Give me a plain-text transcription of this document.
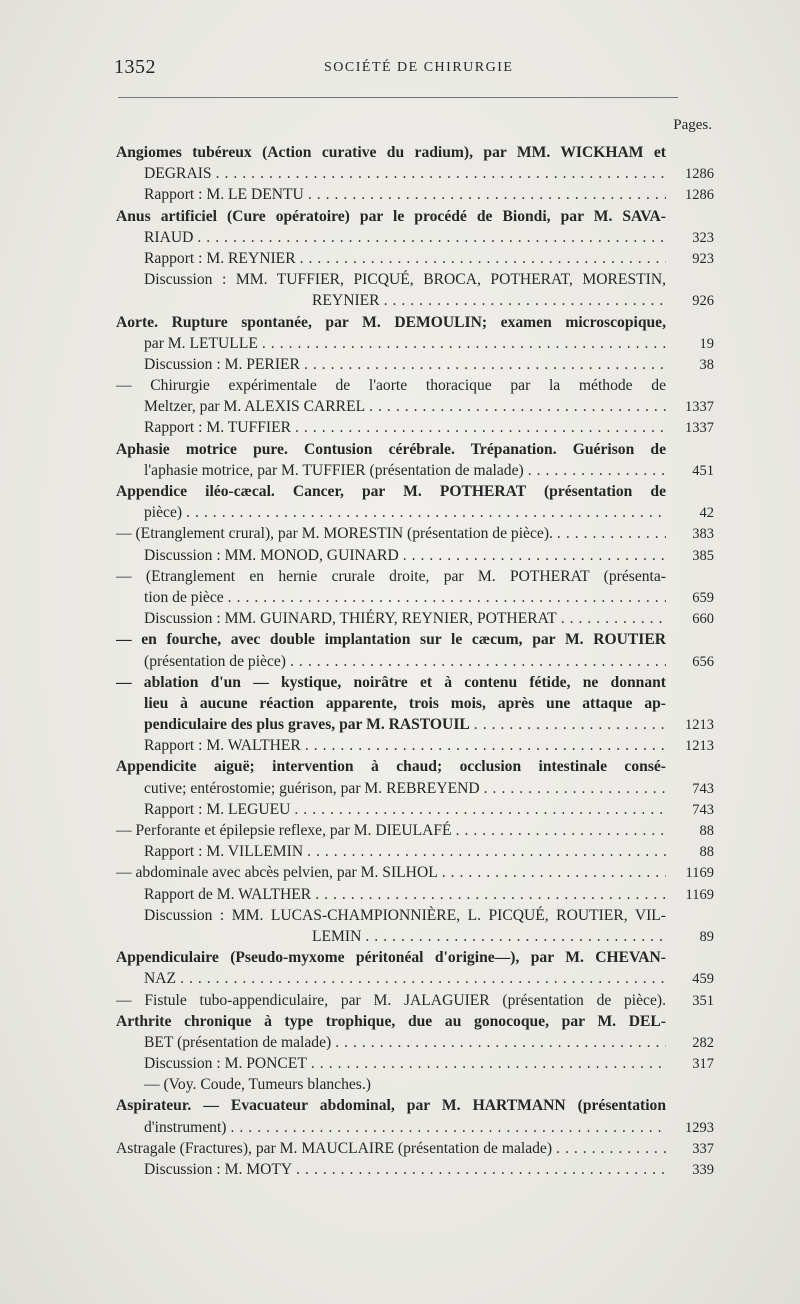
1352	SOCIÉTÉ DE CHIRURGIE
Pages.
Angiomes tubéreux (Action curative du radium), par MM. WICKHAM et
DEGRAIS .....	1286
Rapport : M. LE DENTU .....	1286
Anus artificiel (Cure opératoire) par le procédé de Biondi, par M. SAVA-
RIAUD .....	323
Rapport : M. REYNIER .....	923
Discussion : MM. TUFFIER, PICQUÉ, BROCA, POTHERAT, MORESTIN,
REYNIER .....	926
Aorte. Rupture spontanée, par M. DEMOULIN; examen microscopique,
par M. LETULLE .....	19
Discussion : M. PERIER .....	38
— Chirurgie expérimentale de l'aorte thoracique par la méthode de
Meltzer, par M. ALEXIS CARREL .....	1337
Rapport : M. TUFFIER .....	1337
Aphasie motrice pure. Contusion cérébrale. Trépanation. Guérison de
l'aphasie motrice, par M. TUFFIER (présentation de malade) .....	451
Appendice iléo-cæcal. Cancer, par M. POTHERAT (présentation de
pièce) .....	42
— (Etranglement crural), par M. MORESTIN (présentation de pièce). .....	383
Discussion : MM. MONOD, GUINARD .....	385
— (Etranglement en hernie crurale droite, par M. POTHERAT (présenta-
tion de pièce .....	659
Discussion : MM. GUINARD, THIÉRY, REYNIER, POTHERAT .....	660
— en fourche, avec double implantation sur le cæcum, par M. ROUTIER
(présentation de pièce) .....	656
— ablation d'un — kystique, noirâtre et à contenu fétide, ne donnant
lieu à aucune réaction apparente, trois mois, après une attaque ap-
pendiculaire des plus graves, par M. RASTOUIL .....	1213
Rapport : M. WALTHER .....	1213
Appendicite aiguë; intervention à chaud; occlusion intestinale consé-
cutive; entérostomie; guérison, par M. REBREYEND .....	743
Rapport : M. LEGUEU .....	743
— Perforante et épilepsie reflexe, par M. DIEULAFÉ .....	88
Rapport : M. VILLEMIN .....	88
— abdominale avec abcès pelvien, par M. SILHOL .....	1169
Rapport de M. WALTHER .....	1169
Discussion : MM. LUCAS-CHAMPIONNIÈRE, L. PICQUÉ, ROUTIER, VIL-
LEMIN .....	89
Appendiculaire (Pseudo-myxome péritonéal d'origine—), par M. CHEVAN-
NAZ .....	459
— Fistule tubo-appendiculaire, par M. JALAGUIER (présentation de pièce).	351
Arthrite chronique à type trophique, due au gonocoque, par M. DEL-
BET (présentation de malade) .....	282
Discussion : M. PONCET .....	317
— (Voy. Coude, Tumeurs blanches.)
Aspirateur. — Evacuateur abdominal, par M. HARTMANN (présentation
d'instrument) .....	1293
Astragale (Fractures), par M. MAUCLAIRE (présentation de malade) .....	337
Discussion : M. MOTY .....	339
